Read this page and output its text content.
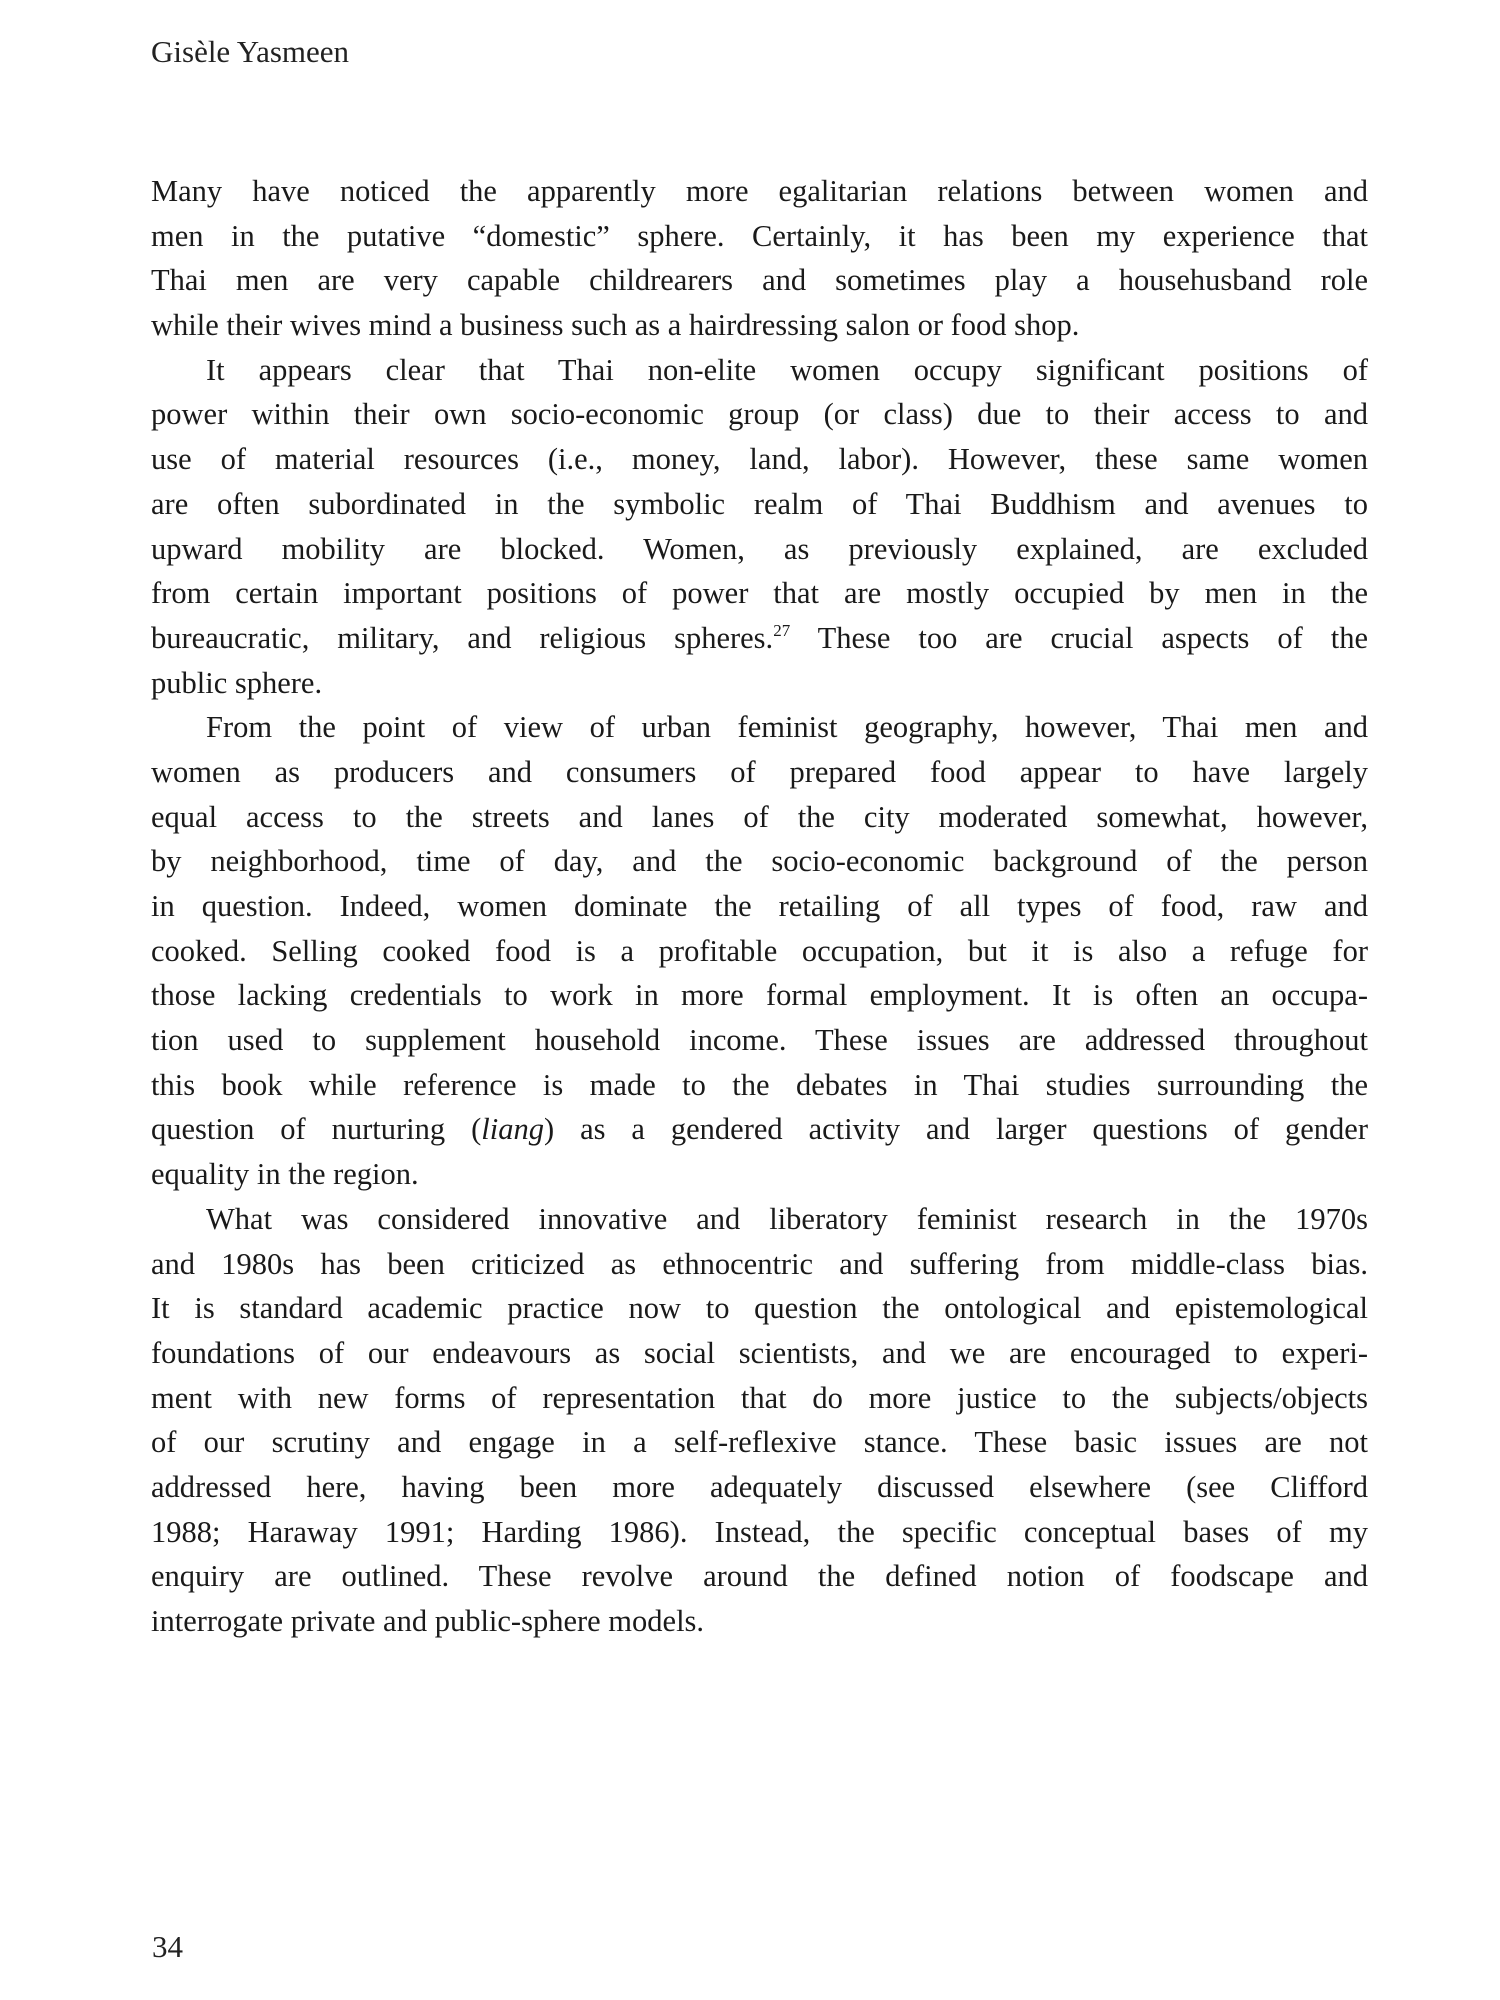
Gisèle Yasmeen
Many have noticed the apparently more egalitarian relations between women and
men in the putative “domestic” sphere. Certainly, it has been my experience that
Thai men are very capable childrearers and sometimes play a househusband role
while their wives mind a business such as a hairdressing salon or food shop.
It appears clear that Thai non-elite women occupy significant positions of
power within their own socio-economic group (or class) due to their access to and
use of material resources (i.e., money, land, labor). However, these same women
are often subordinated in the symbolic realm of Thai Buddhism and avenues to
upward mobility are blocked. Women, as previously explained, are excluded
from certain important positions of power that are mostly occupied by men in the
bureaucratic, military, and religious spheres.$^{27}$ These too are crucial aspects of the
public sphere.
From the point of view of urban feminist geography, however, Thai men and
women as producers and consumers of prepared food appear to have largely
equal access to the streets and lanes of the city moderated somewhat, however,
by neighborhood, time of day, and the socio-economic background of the person
in question. Indeed, women dominate the retailing of all types of food, raw and
cooked. Selling cooked food is a profitable occupation, but it is also a refuge for
those lacking credentials to work in more formal employment. It is often an occupa-
tion used to supplement household income. These issues are addressed throughout
this book while reference is made to the debates in Thai studies surrounding the
question of nurturing (liang) as a gendered activity and larger questions of gender
equality in the region.
What was considered innovative and liberatory feminist research in the 1970s
and 1980s has been criticized as ethnocentric and suffering from middle-class bias.
It is standard academic practice now to question the ontological and epistemological
foundations of our endeavours as social scientists, and we are encouraged to experi-
ment with new forms of representation that do more justice to the subjects/objects
of our scrutiny and engage in a self-reflexive stance. These basic issues are not
addressed here, having been more adequately discussed elsewhere (see Clifford
1988; Haraway 1991; Harding 1986). Instead, the specific conceptual bases of my
enquiry are outlined. These revolve around the defined notion of foodscape and
interrogate private and public-sphere models.
34
